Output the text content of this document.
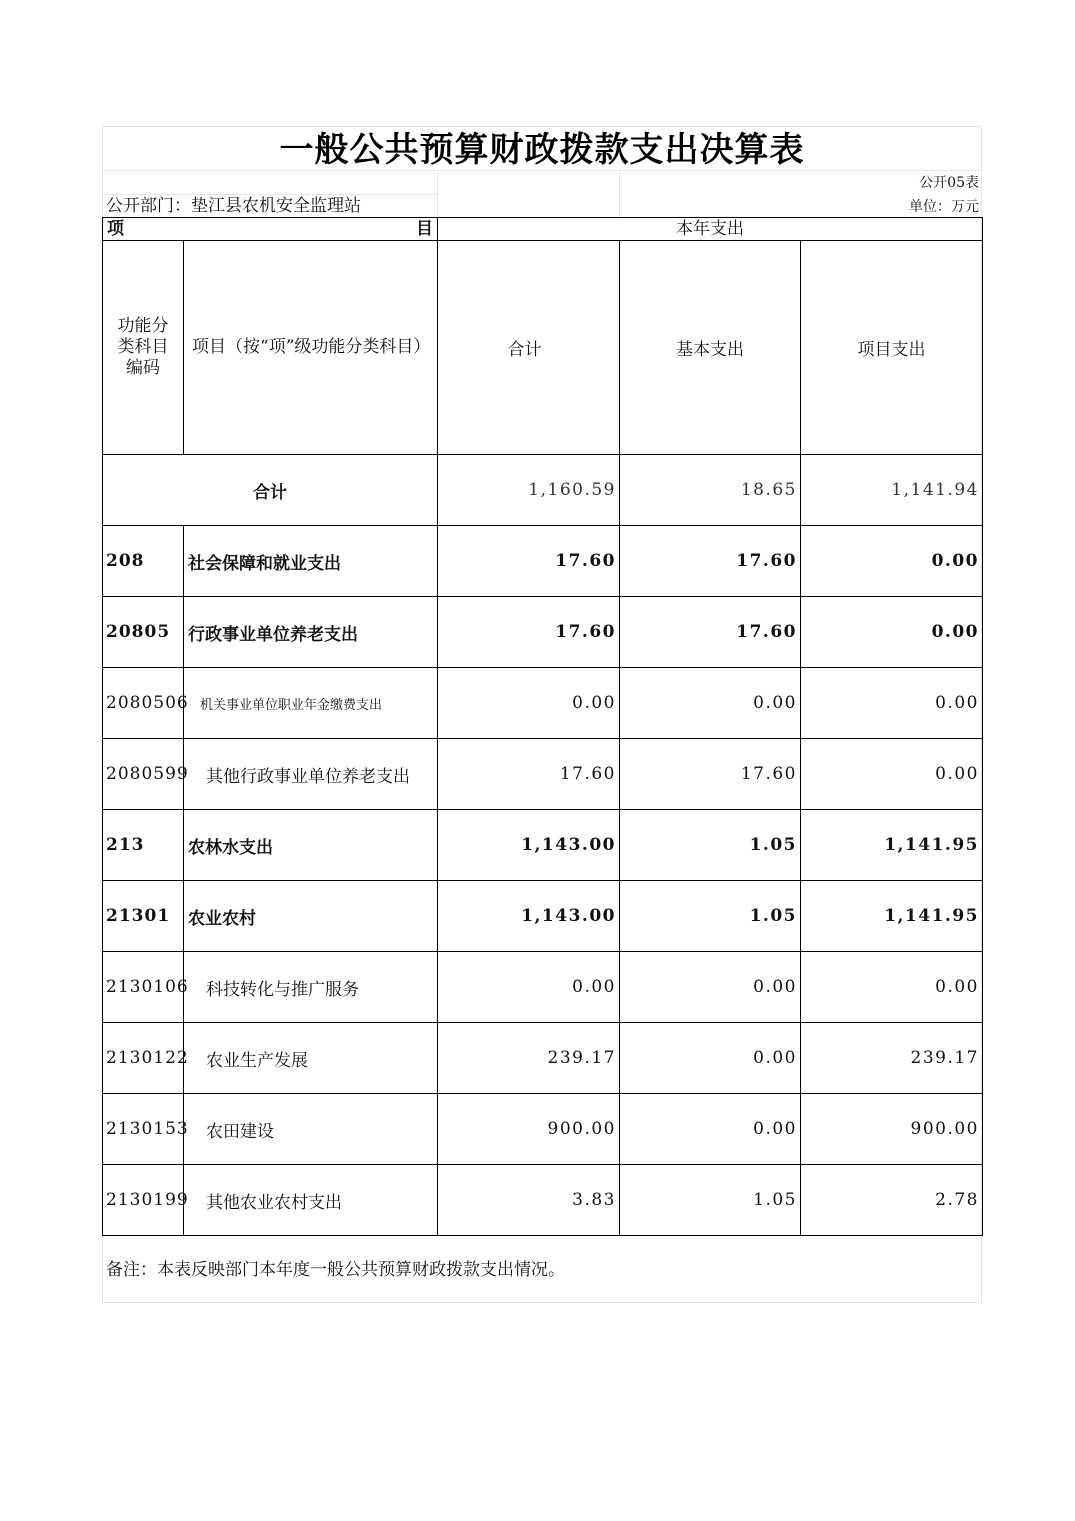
一般公共预算财政拨款支出决算表
公开05表
公开部门：垫江县农机安全监理站	单位：万元
项 目		本年支出		

功能分类科目编码	项目（按“项”级功能分类科目）	合计	基本支出	项目支出
合计		1,160.59	18.65	1,141.94
208	社会保障和就业支出	17.60	17.60	0.00
20805	行政事业单位养老支出	17.60	17.60	0.00
2080506	机关事业单位职业年金缴费支出	0.00	0.00	0.00
2080599	其他行政事业单位养老支出	17.60	17.60	0.00
213	农林水支出	1,143.00	1.05	1,141.95
21301	农业农村	1,143.00	1.05	1,141.95
2130106	科技转化与推广服务	0.00	0.00	0.00
2130122	农业生产发展	239.17	0.00	239.17
2130153	农田建设	900.00	0.00	900.00
2130199	其他农业农村支出	3.83	1.05	2.78
备注：本表反映部门本年度一般公共预算财政拨款支出情况。
